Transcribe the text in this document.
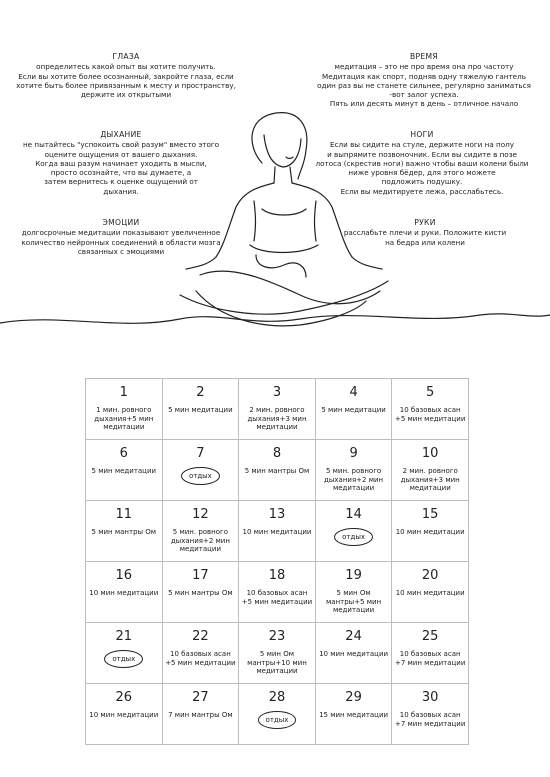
ГЛАЗА

определитесь какой опыт вы хотите получить.

Если вы хотите более осознанный, закройте глаза, если

хотите быть более привязанным к месту и пространству,

держите их открытыми

ДЫХАНИЕ

не пытайтесь "успокоить свой разум" вместо этого

оцените ощущения от вашего дыхания.

Когда ваш разум начинает уходить в мысли,

просто осознайте, что вы думаете, а

затем вернитесь к оценке ощущений от

дыхания.

ЭМОЦИИ

долгосрочные медитации показывают увеличенное

количество нейронных соединений в области мозга

связанных с эмоциями

ВРЕМЯ

медитация – это не про время она про частоту

Медитация как спорт, подняв одну тяжелую гантель

один раз вы не станете сильнее, регулярно заниматься

-вот залог успеха.

Пять или десять минут в день – отличное начало

НОГИ

Если вы сидите на стуле, держите ноги на полу

и выпрямите позвоночник. Если вы сидите в позе

лотоса (скрестив ноги) важно чтобы ваши колени были

ниже уровня бёдер, для этого можете

подложить подушку.

Если вы медитируете лежа, расслабьтесь.

РУКИ

расслабьте плечи и руки. Положите кисти

на бедра или колени

1
1 мин. ровного дыхания+5 мин медитации	2
5 мин медитации	3
2 мин. ровного дыхания+3 мин медитации	4
5 мин медитации	5
10 базовых асан +5 мин медитации

6
5 мин медитации	7
отдых	8
5 мин мантры Ом	9
5 мин. ровного дыхания+2 мин медитации	10
2 мин. ровного дыхания+3 мин медитации

11
5 мин мантры Ом	12
5 мин. ровного дыхания+2 мин медитации	13
10 мин медитации	14
отдых	15
10 мин медитации

16
10 мин медитации	17
5 мин мантры Ом	18
10 базовых асан +5 мин медитации	19
5 мин Ом мантры+5 мин медитации	20
10 мин медитации

21
отдых	22
10 базовых асан +5 мин медитации	23
5 мин Ом мантры+10 мин медитации	24
10 мин медитации	25
10 базовых асан +7 мин медитации

26
10 мин медитации	27
7 мин мантры Ом	28
отдых	29
15 мин медитации	30
10 базовых асан +7 мин медитации
